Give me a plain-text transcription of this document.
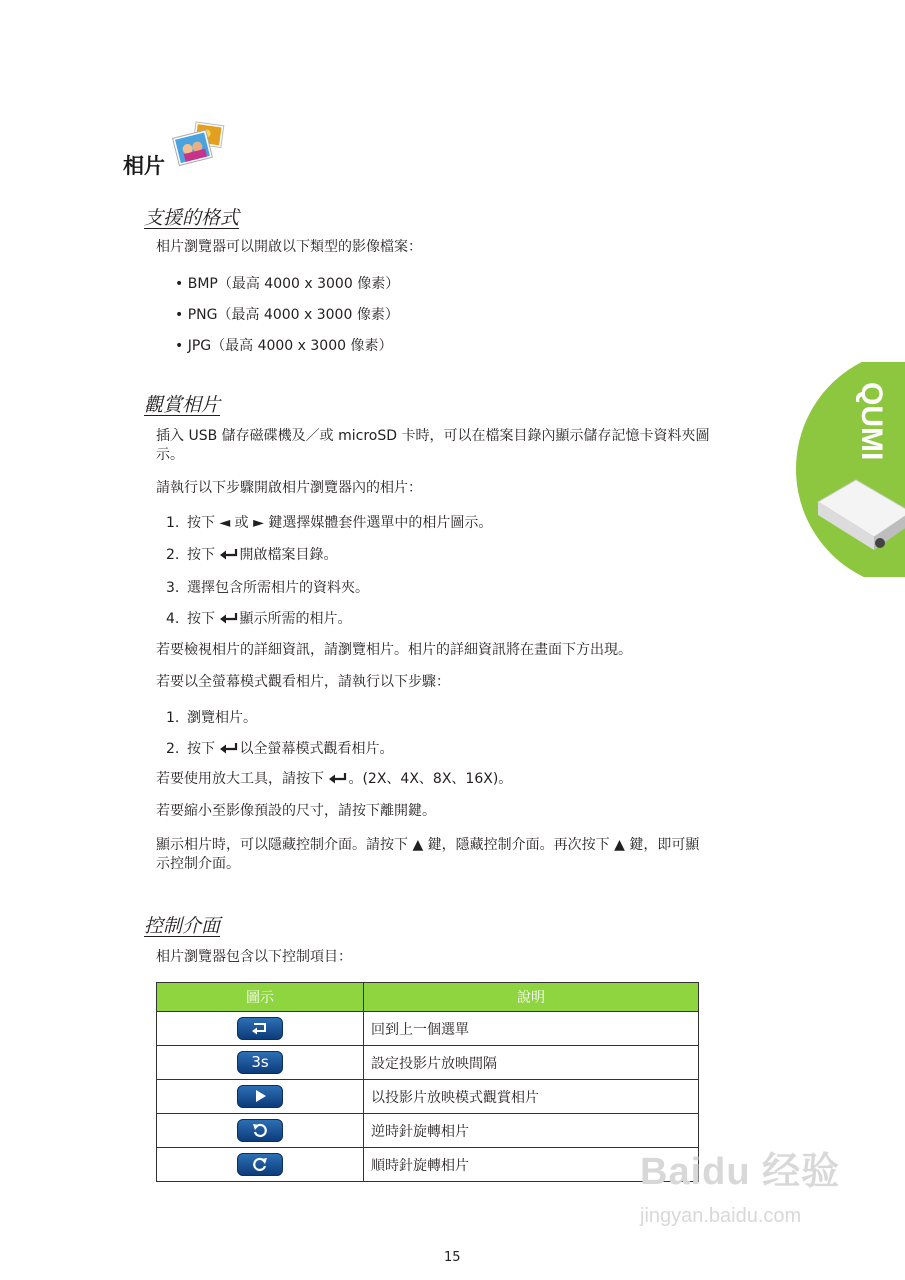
相片
支援的格式
相片瀏覽器可以開啟以下類型的影像檔案：
• BMP（最高 4000 x 3000 像素）
• PNG（最高 4000 x 3000 像素）
• JPG（最高 4000 x 3000 像素）
觀賞相片
插入 USB 儲存磁碟機及／或 microSD 卡時，可以在檔案目錄內顯示儲存記憶卡資料夾圖
示。
請執行以下步驟開啟相片瀏覽器內的相片：
1. 按下 ◄ 或 ► 鍵選擇媒體套件選單中的相片圖示。
2. 按下 開啟檔案目錄。
3. 選擇包含所需相片的資料夾。
4. 按下 顯示所需的相片。
若要檢視相片的詳細資訊，請瀏覽相片。相片的詳細資訊將在畫面下方出現。
若要以全螢幕模式觀看相片，請執行以下步驟：
1. 瀏覽相片。
2. 按下 以全螢幕模式觀看相片。
若要使用放大工具，請按下 。(2X、4X、8X、16X)。
若要縮小至影像預設的尺寸，請按下離開鍵。
顯示相片時，可以隱藏控制介面。請按下 ▲ 鍵，隱藏控制介面。再次按下 ▲ 鍵，即可顯
示控制介面。
控制介面
相片瀏覽器包含以下控制項目：
圖示	說明
	回到上一個選單
3s	設定投影片放映間隔
	以投影片放映模式觀賞相片
	逆時針旋轉相片
	順時針旋轉相片
QUMI
15
Baidu 经验
jingyan.baidu.com
